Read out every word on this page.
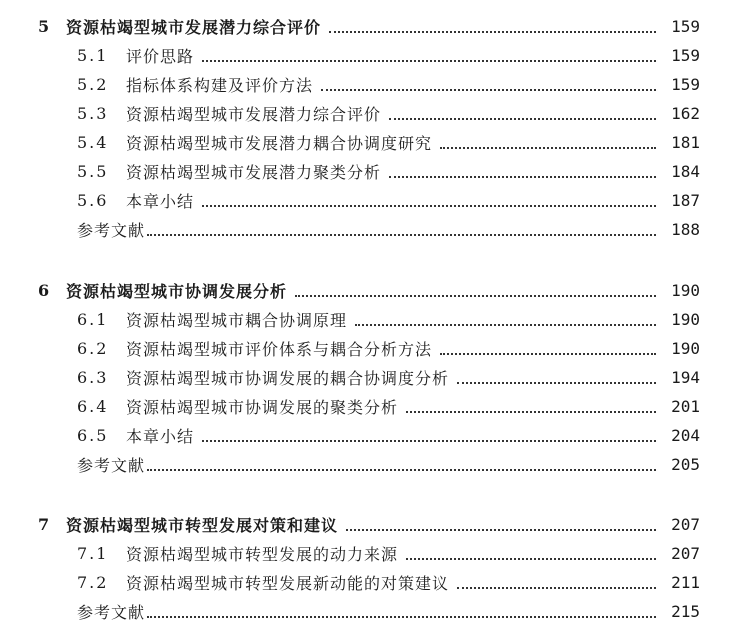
5 资源枯竭型城市发展潜力综合评价	159
5.1 评价思路	159
5.2 指标体系构建及评价方法	159
5.3 资源枯竭型城市发展潜力综合评价	162
5.4 资源枯竭型城市发展潜力耦合协调度研究	181
5.5 资源枯竭型城市发展潜力聚类分析	184
5.6 本章小结	187
参考文献	188
6 资源枯竭型城市协调发展分析	190
6.1 资源枯竭型城市耦合协调原理	190
6.2 资源枯竭型城市评价体系与耦合分析方法	190
6.3 资源枯竭型城市协调发展的耦合协调度分析	194
6.4 资源枯竭型城市协调发展的聚类分析	201
6.5 本章小结	204
参考文献	205
7 资源枯竭型城市转型发展对策和建议	207
7.1 资源枯竭型城市转型发展的动力来源	207
7.2 资源枯竭型城市转型发展新动能的对策建议	211
参考文献	215
